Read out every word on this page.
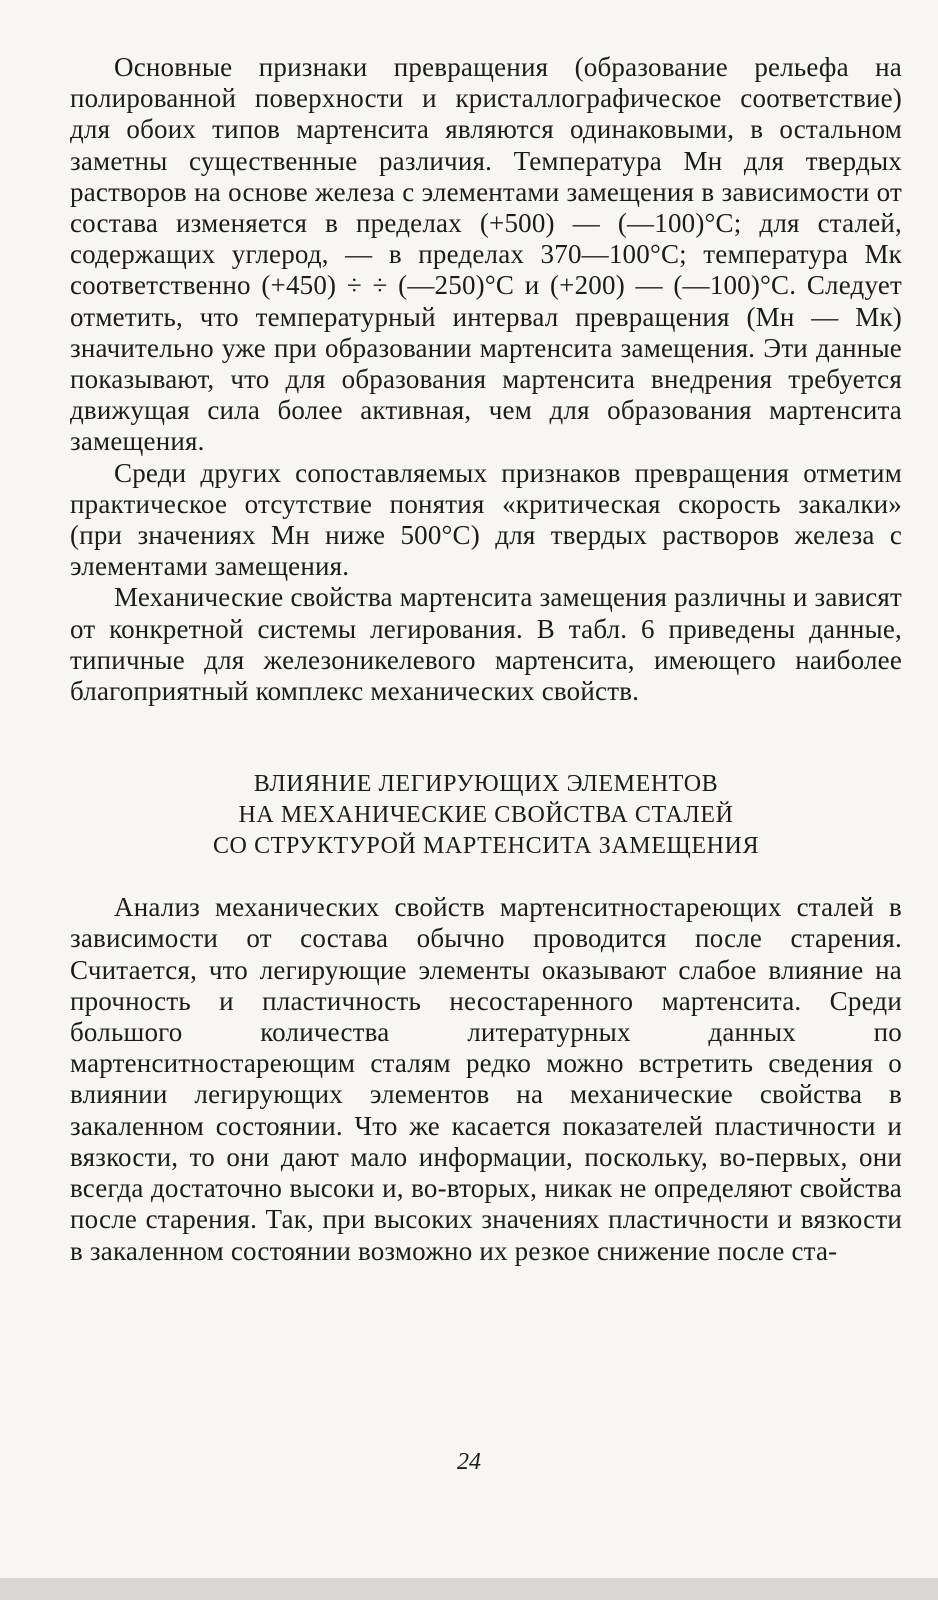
Основные признаки превращения (образование рельефа на полированной поверхности и кристаллографическое соответствие) для обоих типов мартенсита являются одинаковыми, в остальном заметны существенные различия. Температура Mн для твердых растворов на основе железа с элементами замещения в зависимости от состава изменяется в пределах (+500) — (—100)°С; для сталей, содержащих углерод, — в пределах 370—100°С; температура Mк соответственно (+450) ÷ ÷ (—250)°С и (+200) — (—100)°С. Следует отметить, что температурный интервал превращения (Mн — Mк) значительно уже при образовании мартенсита замещения. Эти данные показывают, что для образования мартенсита внедрения требуется движущая сила более активная, чем для образования мартенсита замещения.

Среди других сопоставляемых признаков превращения отметим практическое отсутствие понятия «критическая скорость закалки» (при значениях Mн ниже 500°С) для твердых растворов железа с элементами замещения.

Механические свойства мартенсита замещения различны и зависят от конкретной системы легирования. В табл. 6 приведены данные, типичные для железоникелевого мартенсита, имеющего наиболее благоприятный комплекс механических свойств.

ВЛИЯНИЕ ЛЕГИРУЮЩИХ ЭЛЕМЕНТОВ
НА МЕХАНИЧЕСКИЕ СВОЙСТВА СТАЛЕЙ
СО СТРУКТУРОЙ МАРТЕНСИТА ЗАМЕЩЕНИЯ

Анализ механических свойств мартенситностареющих сталей в зависимости от состава обычно проводится после старения. Считается, что легирующие элементы оказывают слабое влияние на прочность и пластичность несостаренного мартенсита. Среди большого количества литературных данных по мартенситностареющим сталям редко можно встретить сведения о влиянии легирующих элементов на механические свойства в закаленном состоянии. Что же касается показателей пластичности и вязкости, то они дают мало информации, поскольку, во-первых, они всегда достаточно высоки и, во-вторых, никак не определяют свойства после старения. Так, при высоких значениях пластичности и вязкости в закаленном состоянии возможно их резкое снижение после ста-

24
